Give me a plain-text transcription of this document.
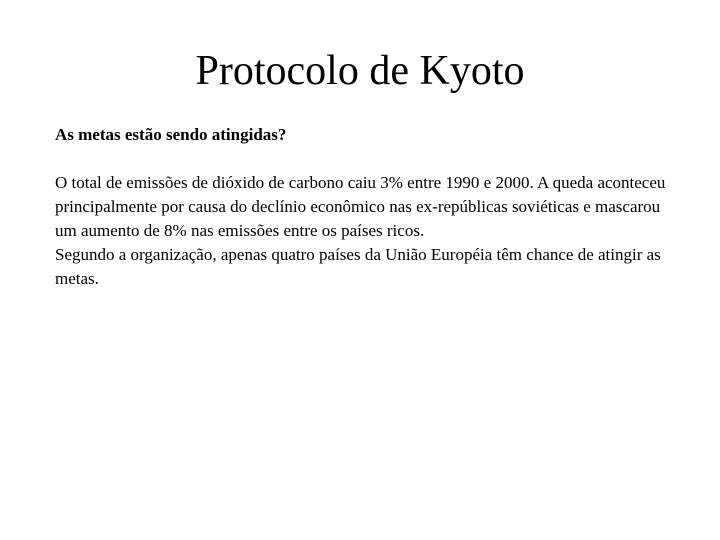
Protocolo de Kyoto

As metas estão sendo atingidas?

O total de emissões de dióxido de carbono caiu 3% entre 1990 e 2000. A queda aconteceu principalmente por causa do declínio econômico nas ex-repúblicas soviéticas e mascarou um aumento de 8% nas emissões entre os países ricos.

Segundo a organização, apenas quatro países da União Européia têm chance de atingir as metas.
